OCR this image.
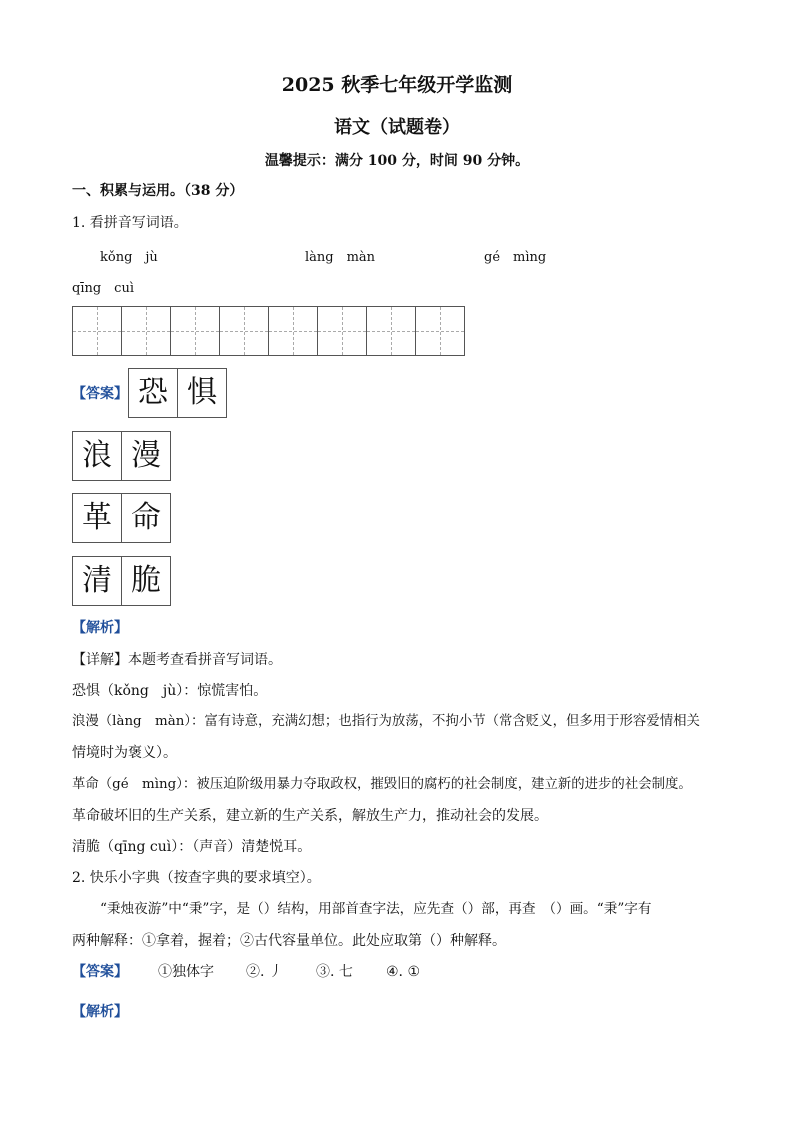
2025 秋季七年级开学监测
语文（试题卷）
温馨提示：满分 100 分，时间 90 分钟。
一、积累与运用。（38 分）
1. 看拼音写词语。
kǒng　jù	làng　màn	gé　mìng
qīng　cuì
【答案】 恐 惧
浪 漫
革 命
清 脆
【解析】
【详解】本题考查看拼音写词语。
恐惧（kǒng　jù）：惊慌害怕。
浪漫（làng　màn）：富有诗意，充满幻想；也指行为放荡，不拘小节（常含贬义，但多用于形容爱情相关
情境时为褒义）。
革命（gé　mìng）：被压迫阶级用暴力夺取政权，摧毁旧的腐朽的社会制度，建立新的进步的社会制度。
革命破坏旧的生产关系，建立新的生产关系，解放生产力，推动社会的发展。
清脆（qīng cuì）：（声音）清楚悦耳。
2. 快乐小字典（按查字典的要求填空）。
“秉烛夜游”中“秉”字，是（）结构，用部首查字法，应先查（）部，再查　（）画。“秉”字有
两种解释：①拿着，握着；②古代容量单位。此处应取第（）种解释。
【答案】 ①独体字 ②. 丿 ③. 七 ④. ①
【解析】
